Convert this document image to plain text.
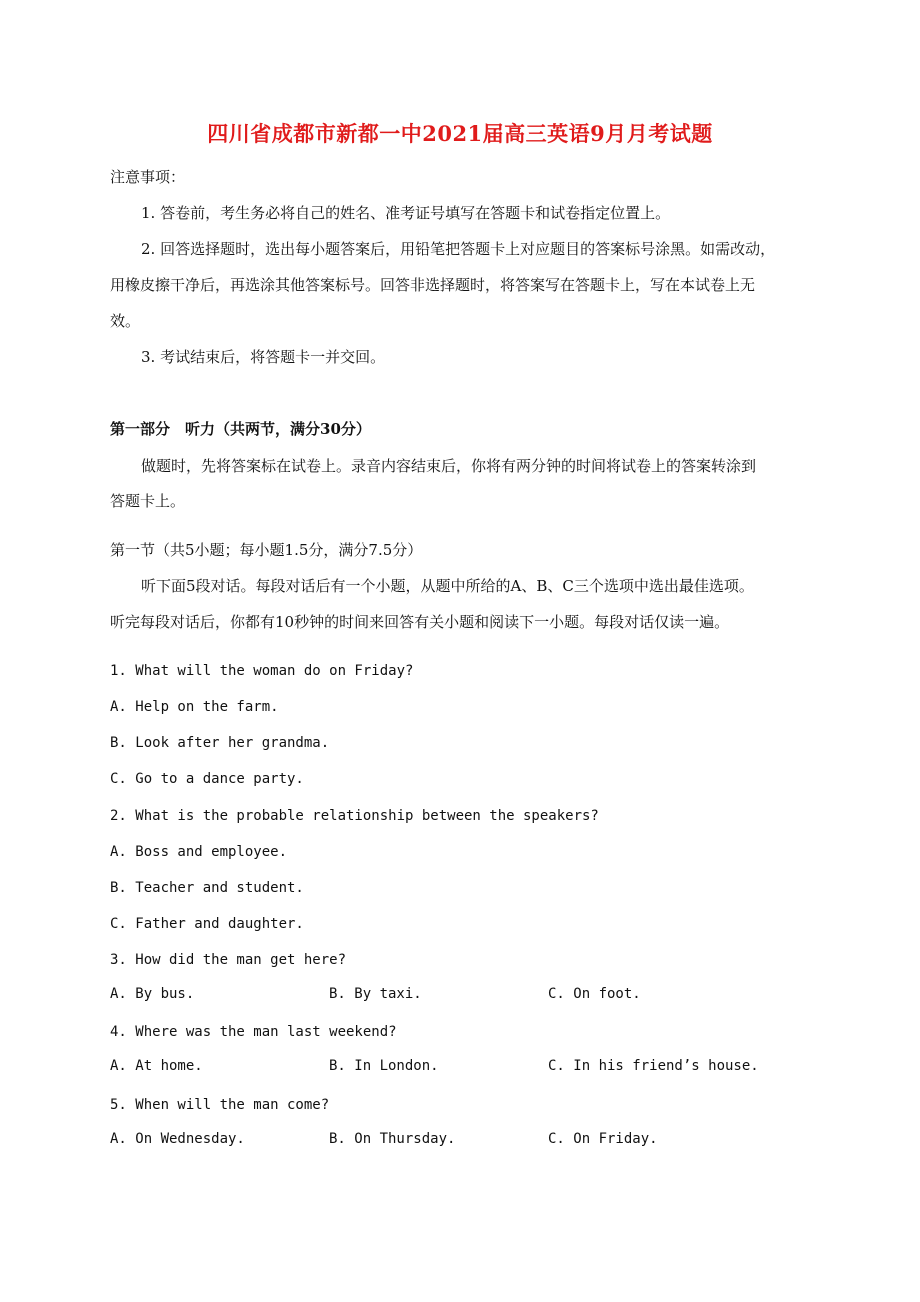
四川省成都市新都一中2021届高三英语9月月考试题
注意事项：
1. 答卷前，考生务必将自己的姓名、准考证号填写在答题卡和试卷指定位置上。
2. 回答选择题时，选出每小题答案后，用铅笔把答题卡上对应题目的答案标号涂黑。如需改动，
用橡皮擦干净后，再选涂其他答案标号。回答非选择题时，将答案写在答题卡上，写在本试卷上无
效。
3. 考试结束后，将答题卡一并交回。
第一部分　听力（共两节，满分30分）
做题时，先将答案标在试卷上。录音内容结束后，你将有两分钟的时间将试卷上的答案转涂到
答题卡上。
第一节（共5小题；每小题1.5分，满分7.5分）
听下面5段对话。每段对话后有一个小题，从题中所给的A、B、C三个选项中选出最佳选项。
听完每段对话后，你都有10秒钟的时间来回答有关小题和阅读下一小题。每段对话仅读一遍。
1. What will the woman do on Friday?
A. Help on the farm.
B. Look after her grandma.
C. Go to a dance party.
2. What is the probable relationship between the speakers?
A. Boss and employee.
B. Teacher and student.
C. Father and daughter.
3. How did the man get here?
A. By bus.	B. By taxi.	C. On foot.
4. Where was the man last weekend?
A. At home.	B. In London.	C. In his friend’s house.
5. When will the man come?
A. On Wednesday.	B. On Thursday.	C. On Friday.
